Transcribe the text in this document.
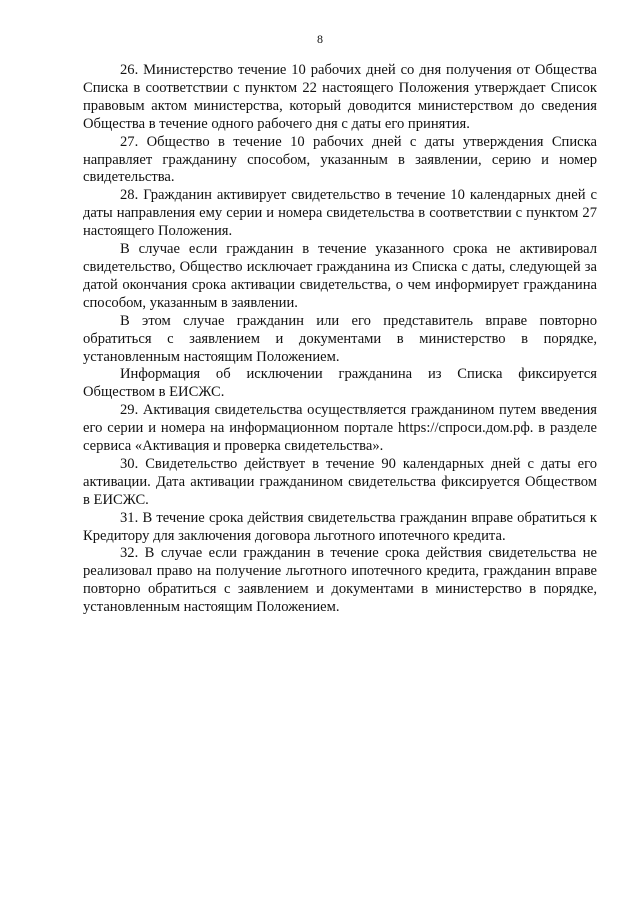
8

26. Министерство течение 10 рабочих дней со дня получения от Общества Списка в соответствии с пунктом 22 настоящего Положения утверждает Список правовым актом министерства, который доводится министерством до сведения Общества в течение одного рабочего дня с даты его принятия.

27. Общество в течение 10 рабочих дней с даты утверждения Списка направляет гражданину способом, указанным в заявлении, серию и номер свидетельства.

28. Гражданин активирует свидетельство в течение 10 календарных дней с даты направления ему серии и номера свидетельства в соответствии с пунктом 27 настоящего Положения.

В случае если гражданин в течение указанного срока не активировал свидетельство, Общество исключает гражданина из Списка с даты, следующей за датой окончания срока активации свидетельства, о чем информирует гражданина способом, указанным в заявлении.

В этом случае гражданин или его представитель вправе повторно обратиться с заявлением и документами в министерство в порядке, установленным настоящим Положением.

Информация об исключении гражданина из Списка фиксируется Обществом в ЕИСЖС.

29. Активация свидетельства осуществляется гражданином путем введения его серии и номера на информационном портале https://спроси.дом.рф. в разделе сервиса «Активация и проверка свидетельства».

30. Свидетельство действует в течение 90 календарных дней с даты его активации. Дата активации гражданином свидетельства фиксируется Обществом в ЕИСЖС.

31. В течение срока действия свидетельства гражданин вправе обратиться к Кредитору для заключения договора льготного ипотечного кредита.

32. В случае если гражданин в течение срока действия свидетельства не реализовал право на получение льготного ипотечного кредита, гражданин вправе повторно обратиться с заявлением и документами в министерство в порядке, установленным настоящим Положением.
